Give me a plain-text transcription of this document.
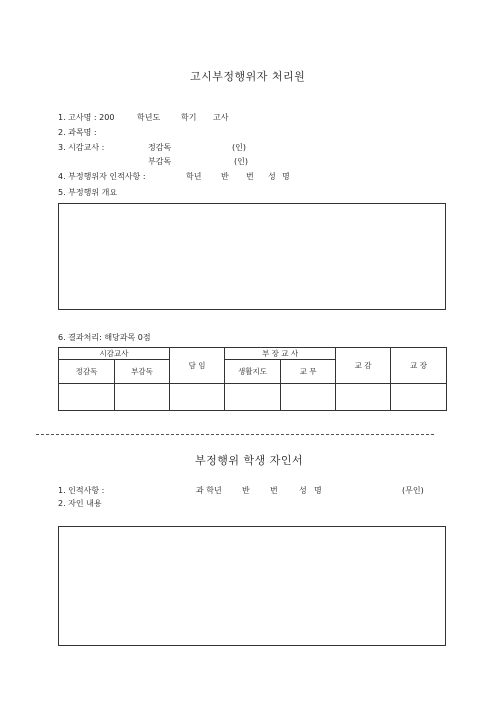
고시부정행위자 처리원
1. 고사명 : 200	학년도	학기 고사
2. 과목명 :
3. 시감교사 :	정감독	(인)
부감독	(인)
4. 부정행위자 인적사항 :	학년 반 번 성 명
5. 부정행위 개요
6. 결과처리: 해당과목 0점
시감교사		담 임	부 장 교 사		교 감	교 장
정감독	부감독		생활지도	교 무		

부정행위 학생 자인서
1. 인적사항 :	과 학년	반	번	성 명	(무인)
2. 자인 내용
